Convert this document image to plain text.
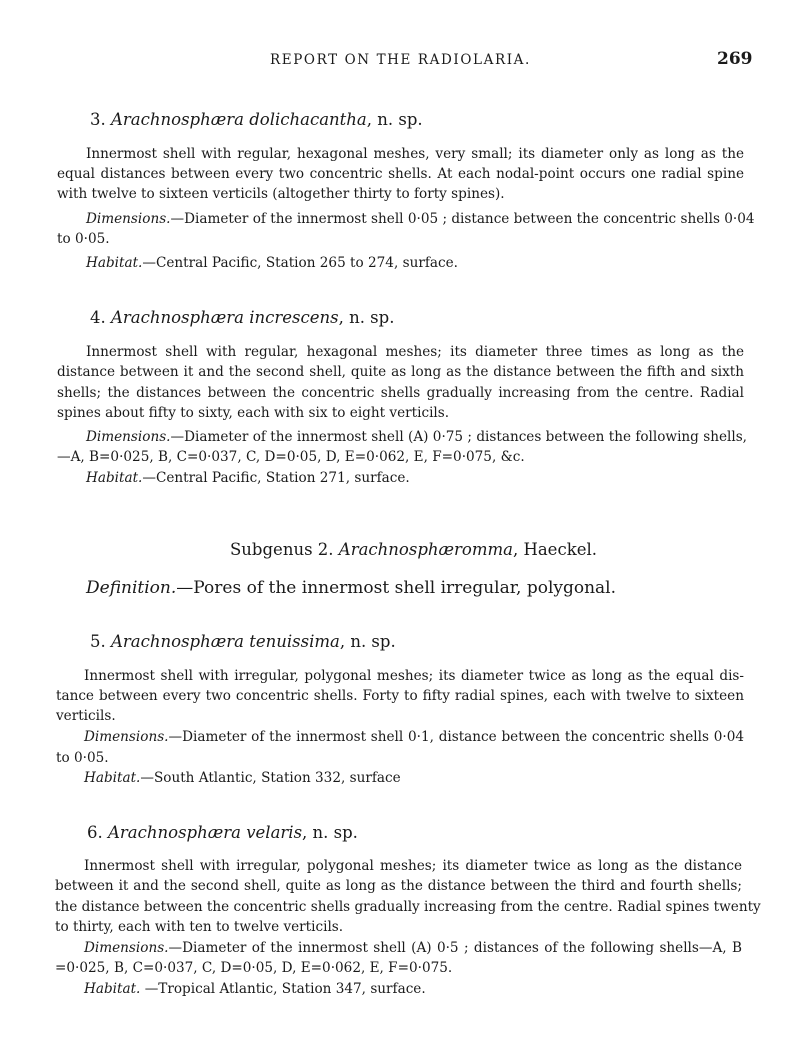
REPORT ON THE RADIOLARIA.	269
3. Arachnosphæra dolichacantha, n. sp.
Innermost shell with regular, hexagonal meshes, very small; its diameter only as long as the
equal distances between every two concentric shells. At each nodal-point occurs one radial spine
with twelve to sixteen verticils (altogether thirty to forty spines).
Dimensions.—Diameter of the innermost shell 0·05 ; distance between the concentric shells 0·04
to 0·05.
Habitat.—Central Pacific, Station 265 to 274, surface.
4. Arachnosphæra increscens, n. sp.
Innermost shell with regular, hexagonal meshes; its diameter three times as long as the
distance between it and the second shell, quite as long as the distance between the fifth and sixth
shells; the distances between the concentric shells gradually increasing from the centre. Radial
spines about fifty to sixty, each with six to eight verticils.
Dimensions.—Diameter of the innermost shell (A) 0·75 ; distances between the following shells,
—A, B=0·025, B, C=0·037, C, D=0·05, D, E=0·062, E, F=0·075, &c.
Habitat.—Central Pacific, Station 271, surface.
Subgenus 2. Arachnosphæromma, Haeckel.
Definition.—Pores of the innermost shell irregular, polygonal.
5. Arachnosphæra tenuissima, n. sp.
Innermost shell with irregular, polygonal meshes; its diameter twice as long as the equal dis-
tance between every two concentric shells. Forty to fifty radial spines, each with twelve to sixteen
verticils.
Dimensions.—Diameter of the innermost shell 0·1, distance between the concentric shells 0·04
to 0·05.
Habitat.—South Atlantic, Station 332, surface
6. Arachnosphæra velaris, n. sp.
Innermost shell with irregular, polygonal meshes; its diameter twice as long as the distance
between it and the second shell, quite as long as the distance between the third and fourth shells;
the distance between the concentric shells gradually increasing from the centre. Radial spines twenty
to thirty, each with ten to twelve verticils.
Dimensions.—Diameter of the innermost shell (A) 0·5 ; distances of the following shells—A, B
=0·025, B, C=0·037, C, D=0·05, D, E=0·062, E, F=0·075.
Habitat. —Tropical Atlantic, Station 347, surface.
